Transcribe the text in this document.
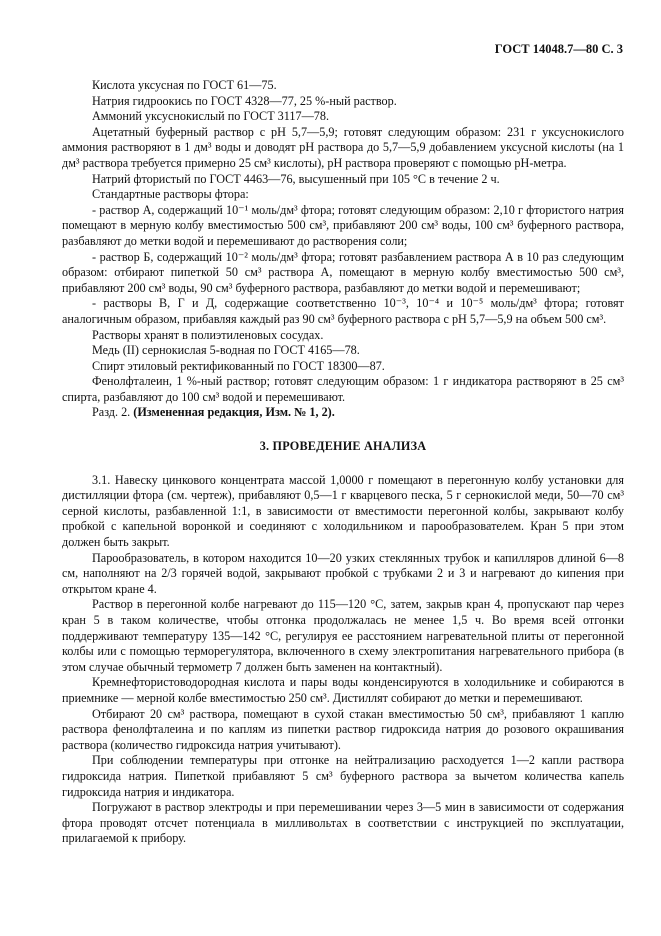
ГОСТ 14048.7—80 С. 3

Кислота уксусная по ГОСТ 61—75.

Натрия гидроокись по ГОСТ 4328—77, 25 %-ный раствор.

Аммоний уксуснокислый по ГОСТ 3117—78.

Ацетатный буферный раствор с pH 5,7—5,9; готовят следующим образом: 231 г уксуснокислого аммония растворяют в 1 дм³ воды и доводят pH раствора до 5,7—5,9 добавлением уксусной кислоты (на 1 дм³ раствора требуется примерно 25 см³ кислоты), pH раствора проверяют с помощью pH-метра.

Натрий фтористый по ГОСТ 4463—76, высушенный при 105 °C в течение 2 ч.

Стандартные растворы фтора:

- раствор А, содержащий 10⁻¹ моль/дм³ фтора; готовят следующим образом: 2,10 г фтористого натрия помещают в мерную колбу вместимостью 500 см³, прибавляют 200 см³ воды, 100 см³ буферного раствора, разбавляют до метки водой и перемешивают до растворения соли;

- раствор Б, содержащий 10⁻² моль/дм³ фтора; готовят разбавлением раствора А в 10 раз следующим образом: отбирают пипеткой 50 см³ раствора А, помещают в мерную колбу вместимостью 500 см³, прибавляют 200 см³ воды, 90 см³ буферного раствора, разбавляют до метки водой и перемешивают;

- растворы В, Г и Д, содержащие соответственно 10⁻³, 10⁻⁴ и 10⁻⁵ моль/дм³ фтора; готовят аналогичным образом, прибавляя каждый раз 90 см³ буферного раствора с pH 5,7—5,9 на объем 500 см³.

Растворы хранят в полиэтиленовых сосудах.

Медь (II) сернокислая 5-водная по ГОСТ 4165—78.

Спирт этиловый ректификованный по ГОСТ 18300—87.

Фенолфталеин, 1 %-ный раствор; готовят следующим образом: 1 г индикатора растворяют в 25 см³ спирта, разбавляют до 100 см³ водой и перемешивают.

Разд. 2. (Измененная редакция, Изм. № 1, 2).

3. ПРОВЕДЕНИЕ АНАЛИЗА

3.1. Навеску цинкового концентрата массой 1,0000 г помещают в перегонную колбу установки для дистилляции фтора (см. чертеж), прибавляют 0,5—1 г кварцевого песка, 5 г сернокислой меди, 50—70 см³ серной кислоты, разбавленной 1:1, в зависимости от вместимости перегонной колбы, закрывают колбу пробкой с капельной воронкой и соединяют с холодильником и парообразователем. Кран 5 при этом должен быть закрыт.

Парообразователь, в котором находится 10—20 узких стеклянных трубок и капилляров длиной 6—8 см, наполняют на 2/3 горячей водой, закрывают пробкой с трубками 2 и 3 и нагревают до кипения при открытом кране 4.

Раствор в перегонной колбе нагревают до 115—120 °C, затем, закрыв кран 4, пропускают пар через кран 5 в таком количестве, чтобы отгонка продолжалась не менее 1,5 ч. Во время всей отгонки поддерживают температуру 135—142 °C, регулируя ее расстоянием нагревательной плиты от перегонной колбы или с помощью терморегулятора, включенного в схему электропитания нагревательного прибора (в этом случае обычный термометр 7 должен быть заменен на контактный).

Кремнефтористоводородная кислота и пары воды конденсируются в холодильнике и собираются в приемнике — мерной колбе вместимостью 250 см³. Дистиллят собирают до метки и перемешивают.

Отбирают 20 см³ раствора, помещают в сухой стакан вместимостью 50 см³, прибавляют 1 каплю раствора фенолфталеина и по каплям из пипетки раствор гидроксида натрия до розового окрашивания раствора (количество гидроксида натрия учитывают).

При соблюдении температуры при отгонке на нейтрализацию расходуется 1—2 капли раствора гидроксида натрия. Пипеткой прибавляют 5 см³ буферного раствора за вычетом количества капель гидроксида натрия и индикатора.

Погружают в раствор электроды и при перемешивании через 3—5 мин в зависимости от содержания фтора проводят отсчет потенциала в милливольтах в соответствии с инструкцией по эксплуатации, прилагаемой к прибору.
